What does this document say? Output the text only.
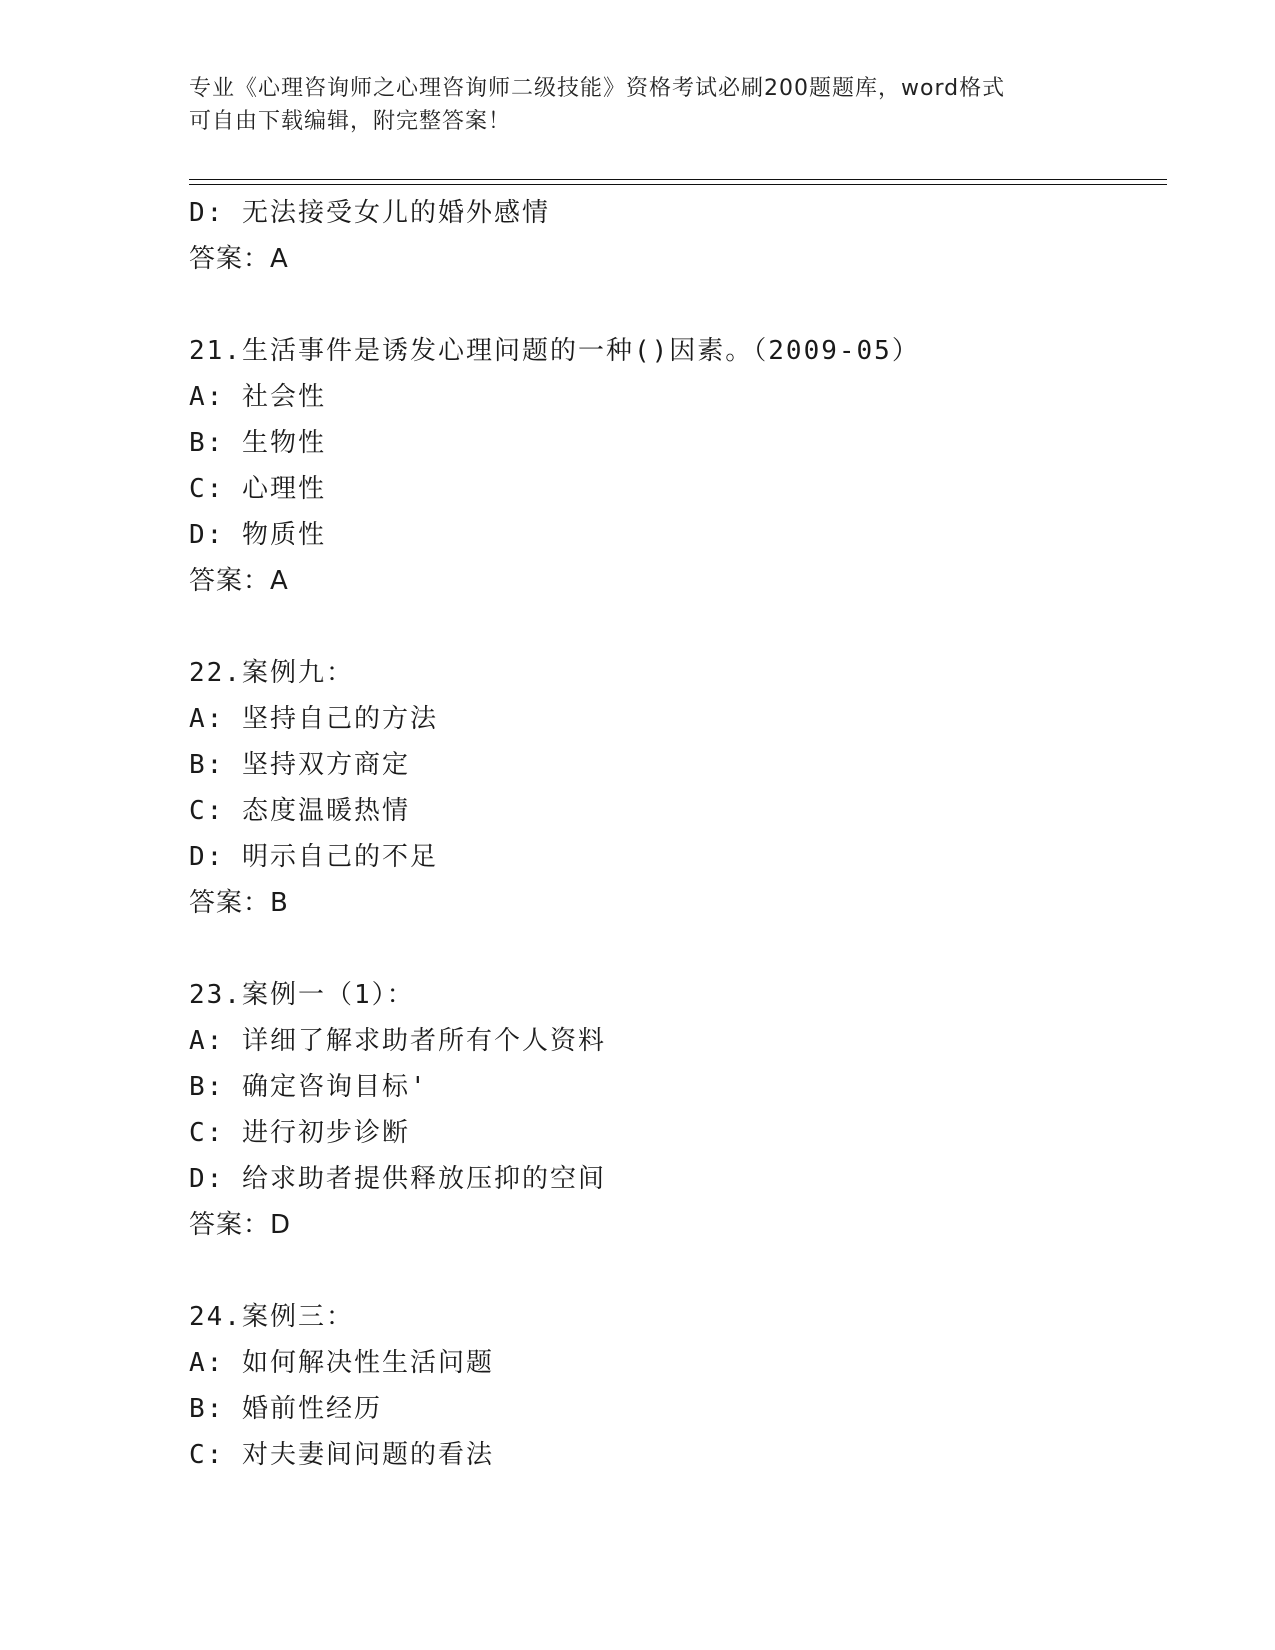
专业《心理咨询师之心理咨询师二级技能》资格考试必刷200题题库，word格式
可自由下载编辑，附完整答案！
D: 无法接受女儿的婚外感情
答案：A
21.生活事件是诱发心理问题的一种()因素。（2009-05）
A: 社会性
B: 生物性
C: 心理性
D: 物质性
答案：A
22.案例九：
A: 坚持自己的方法
B: 坚持双方商定
C: 态度温暖热情
D: 明示自己的不足
答案：B
23.案例一（1）：
A: 详细了解求助者所有个人资料
B: 确定咨询目标'
C: 进行初步诊断
D: 给求助者提供释放压抑的空间
答案：D
24.案例三：
A: 如何解决性生活问题
B: 婚前性经历
C: 对夫妻间问题的看法
